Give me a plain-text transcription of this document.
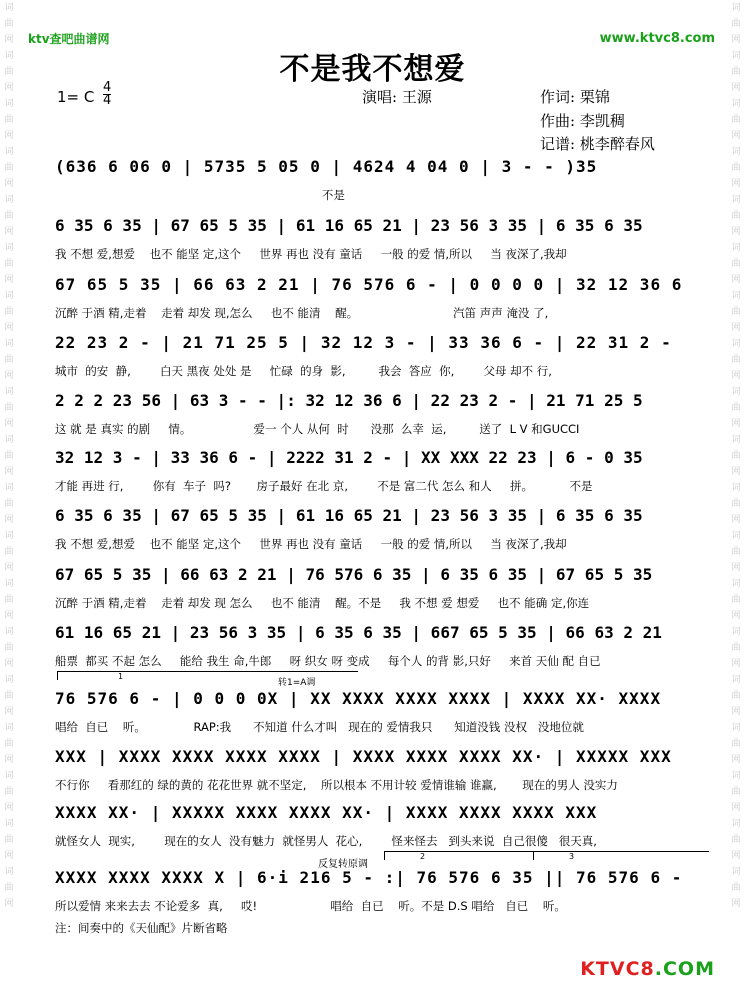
词曲网词曲网词曲网词曲网词曲网词曲网词曲网词曲网词曲网词曲网词曲网词曲网词曲网词曲网词曲网词曲网词曲网词曲网词曲网
词曲网词曲网词曲网词曲网词曲网词曲网词曲网词曲网词曲网词曲网词曲网词曲网词曲网词曲网词曲网词曲网词曲网词曲网词曲网
ktv查吧曲谱网	www.ktvc8.com
不是我不想爱
1= C
4
4	演唱: 王源	作词: 栗锦
作曲: 李凯稠
记谱: 桃李醉春风
(636 6 06 0 | 5735 5 05 0 | 4624 4 04 0 | 3 - - )35
不是
6 35 6 35 | 67 65 5 35 | 61 16 65 21 | 23 56 3 35 | 6 35 6 35
我 不想 爱,想爱    也不 能坚 定,这个     世界 再也 没有 童话     一般 的爱 情,所以     当 夜深了,我却
67 65 5 35 | 66 63 2 21 | 76 576 6 - | 0 0 0 0 | 32 12 36 6
沉醉 于酒 精,走着    走着 却发 现,怎么     也不 能清    醒。                          汽笛 声声 淹没 了,
22 23 2 - | 21 71 25 5 | 32 12 3 - | 33 36 6 - | 22 31 2 -
城市  的安  静,        白天 黑夜 处处 是     忙碌  的身  影,         我会  答应  你,        父母 却不 行,
2 2 2 23 56 | 63 3 - - |: 32 12 36 6 | 22 23 2 - | 21 71 25 5
这 就 是 真实 的剧     情。                 爱一 个人 从何  时      没那  么幸  运,         送了  L V 和GUCCI
32 12 3 - | 33 36 6 - | 2222 31 2 - | XX XXX 22 23 | 6 - 0 35
才能 再进 行,        你有  车子  吗?       房子最好 在北 京,        不是 富二代 怎么 和人     拼。          不是
6 35 6 35 | 67 65 5 35 | 61 16 65 21 | 23 56 3 35 | 6 35 6 35
我 不想 爱,想爱    也不 能坚 定,这个     世界 再也 没有 童话     一般 的爱 情,所以     当 夜深了,我却
67 65 5 35 | 66 63 2 21 | 76 576 6 35 | 6 35 6 35 | 67 65 5 35
沉醉 于酒 精,走着    走着 却发 现 怎么     也不 能清    醒。不是     我 不想 爱 想爱     也不 能确 定,你连
61 16 65 21 | 23 56 3 35 | 6 35 6 35 | 667 65 5 35 | 66 63 2 21
船票  都买 不起 怎么     能给 我生 命,牛郎     呀 织女 呀 变成     每个人 的背 影,只好     来首 天仙 配 自已
76 576 6 - | 0 0 0 0X | XX XXXX XXXX XXXX | XXXX XX· XXXX
唱给  自已    听。             RAP:我      不知道 什么才叫   现在的 爱情我只      知道没钱 没权   没地位就
XXX | XXXX XXXX XXXX XXXX | XXXX XXXX XXXX XX· | XXXXX XXX
不行你     看那红的 绿的黄的 花花世界 就不坚定,    所以根本 不用计较 爱情谁输 谁赢,       现在的男人 没实力
XXXX XX· | XXXXX XXXX XXXX XX· | XXXX XXXX XXXX XXX
就怪女人  现实,        现在的女人  没有魅力  就怪男人  花心,        怪来怪去   到头来说  自己很傻   很天真,
XXXX XXXX XXXX X | 6·i 216 5 - :| 76 576 6 35 || 76 576 6 -
所以爱情 来来去去 不论爱多  真,     哎!                    唱给  自已    听。不是 D.S 唱给   自已    听。
转1=A调
反复转原调
1
2	3
注：间奏中的《天仙配》片断省略
KTVC8.COM
